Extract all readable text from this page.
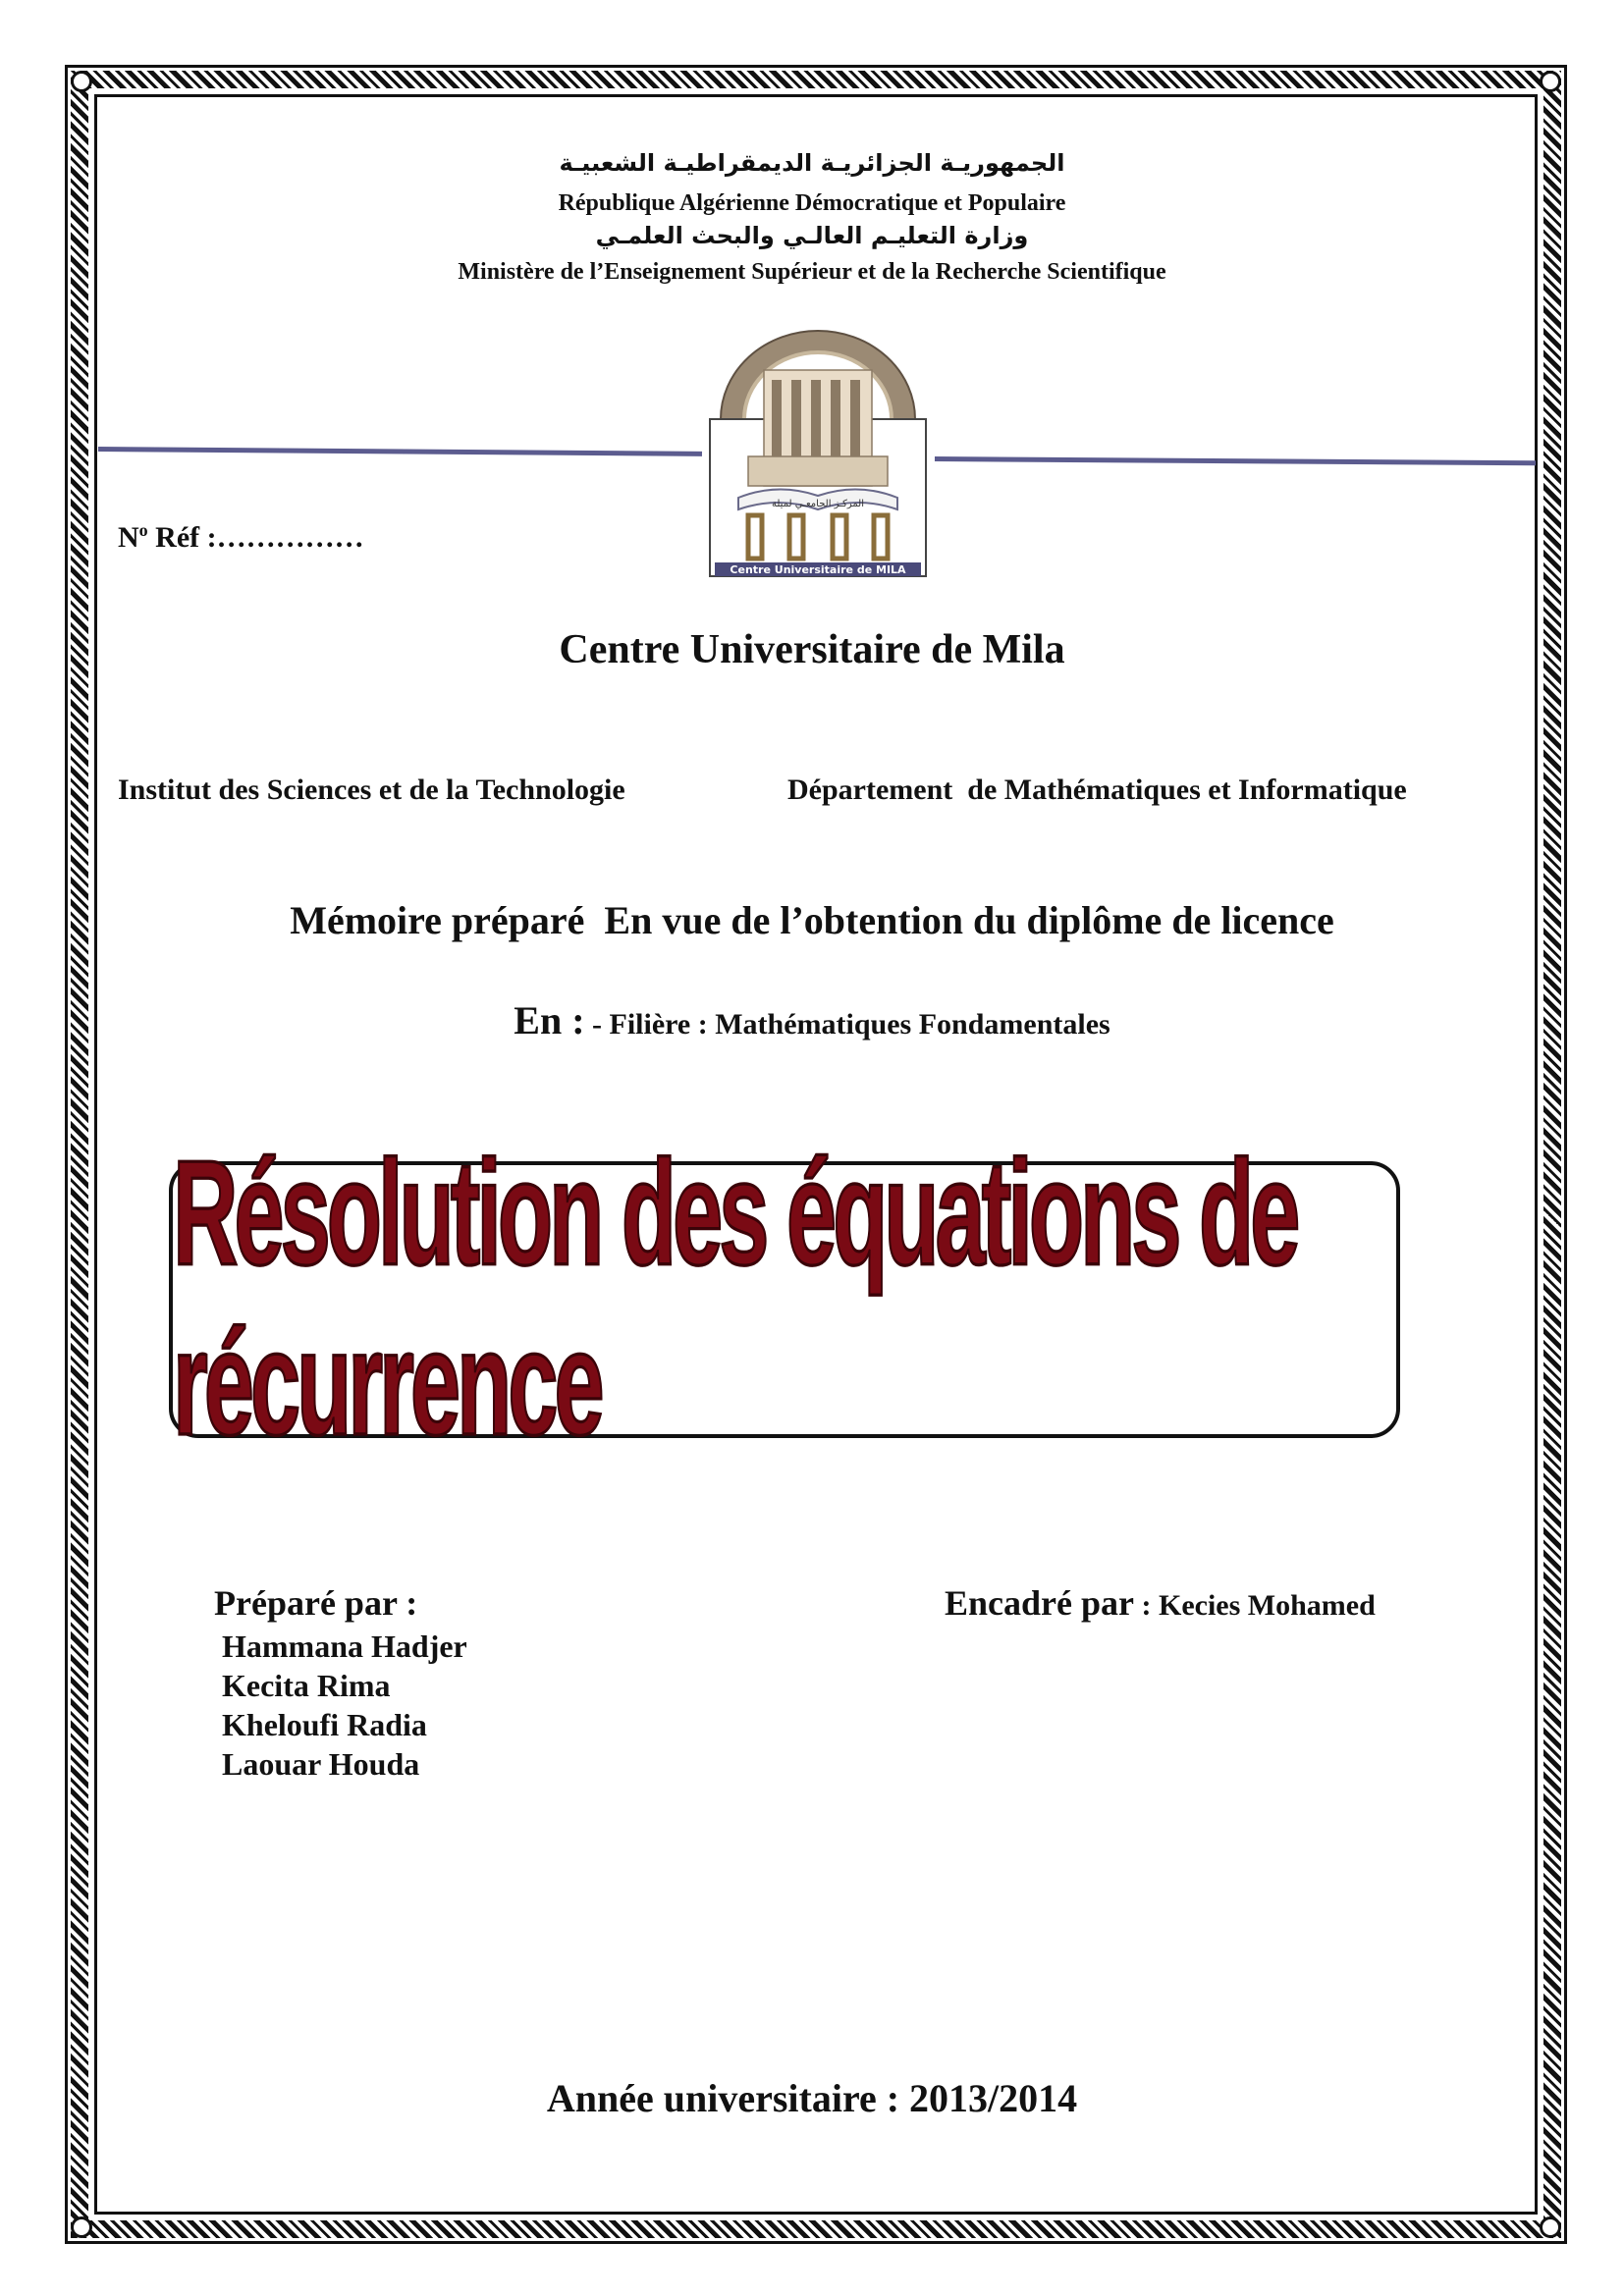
الجمهوريـة الجزائريـة الديمقراطيـة الشعبيـة
République Algérienne Démocratique et Populaire
وزارة التعليـم العالـي والبحث العلمـي
Ministère de l’Enseignement Supérieur et de la Recherche Scientifique
المركـز الجامعـي لميلة
Centre Universitaire de MILA
$N^o$ Réf :……………
Centre Universitaire de Mila
Institut des Sciences et de la Technologie	Département  de Mathématiques et Informatique
Mémoire préparé  En vue de l’obtention du diplôme de licence
En : - Filière : Mathématiques Fondamentales
Résolution des équations de récurrence
Préparé par :
Hammana Hadjer
Kecita Rima
Kheloufi Radia
Laouar Houda
Encadré par : Kecies Mohamed
Année universitaire : 2013/2014
